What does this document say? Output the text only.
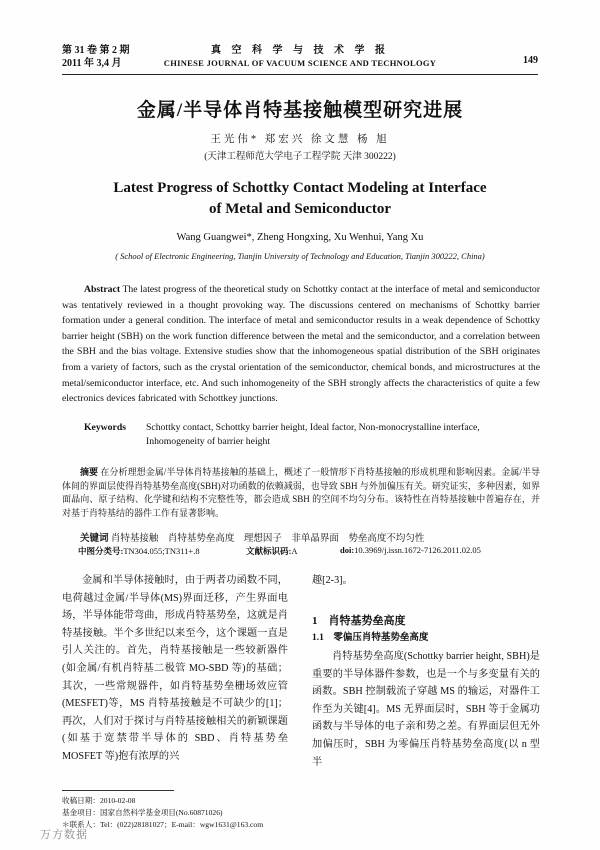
第 31 卷 第 2 期
2011 年 3,4 月
真 空 科 学 与 技 术 学 报
CHINESE JOURNAL OF VACUUM SCIENCE AND TECHNOLOGY	149
金属/半导体肖特基接触模型研究进展
王光伟* 郑宏兴 徐文慧 杨 旭
(天津工程师范大学电子工程学院 天津 300222)
Latest Progress of Schottky Contact Modeling at Interface
of Metal and Semiconductor
Wang Guangwei*, Zheng Hongxing, Xu Wenhui, Yang Xu
( School of Electronic Engineering, Tianjin University of Technology and Education, Tianjin 300222, China)
Abstract The latest progress of the theoretical study on Schottky contact at the interface of metal and semiconductor was tentatively reviewed in a thought provoking way. The discussions centered on mechanisms of Schottky barrier formation under a general condition. The interface of metal and semiconductor results in a weak dependence of Schottky barrier height (SBH) on the work function difference between the metal and the semiconductor, and a correlation between the SBH and the bias voltage. Extensive studies show that the inhomogeneous spatial distribution of the SBH originates from a variety of factors, such as the crystal orientation of the semiconductor, chemical bonds, and microstructures at the metal/semiconductor interface, etc. And such inhomogeneity of the SBH strongly affects the characteristics of quite a few electronics devices fabricated with Schottkey junctions.
Keywords Schottky contact, Schottky barrier height, Ideal factor, Non-monocrystalline interface, Inhomogeneity of barrier height
摘要 在分析理想金属/半导体肖特基接触的基础上，概述了一般情形下肖特基接触的形成机理和影响因素。金属/半导体间的界面层使得肖特基势垒高度(SBH)对功函数的依赖减弱，也导致 SBH 与外加偏压有关。研究证实，多种因素，如界面晶向、原子结构、化学键和结构不完整性等，都会造成 SBH 的空间不均匀分布。该特性在肖特基接触中普遍存在，并对基于肖特基结的器件工作有显著影响。
关键词 肖特基接触　肖特基势垒高度　理想因子　非单晶界面　势垒高度不均匀性
中图分类号:TN304.055;TN311+.8	文献标识码:A	doi:10.3969/j.issn.1672-7126.2011.02.05
金属和半导体接触时，由于两者功函数不同，电荷越过金属/半导体(MS)界面迁移，产生界面电场，半导体能带弯曲，形成肖特基势垒，这就是肖特基接触。半个多世纪以来至今，这个课题一直是引人关注的。首先，肖特基接触是一些较新器件(如金属/有机肖特基二极管 MO-SBD 等)的基础；其次，一些常规器件，如肖特基势垒栅场效应管(MESFET)等，MS 肖特基接触是不可缺少的[1]；再次，人们对于探讨与肖特基接触相关的新颖课题(如基于宽禁带半导体的 SBD、肖特基势垒 MOSFET 等)抱有浓厚的兴
趣[2-3]。
1　肖特基势垒高度
1.1　零偏压肖特基势垒高度
肖特基势垒高度(Schottky barrier height, SBH)是重要的半导体器件参数，也是一个与多变量有关的函数。SBH 控制载流子穿越 MS 的输运，对器件工作至为关键[4]。MS 无界面层时，SBH 等于金属功函数与半导体的电子亲和势之差。有界面层但无外加偏压时，SBH 为零偏压肖特基势垒高度(以 n 型半
收稿日期：2010-02-08
基金项目：国家自然科学基金项目(No.60871026)
＊联系人：Tel：(022)28181027；E-mail：wgw1631@163.com
万方数据
